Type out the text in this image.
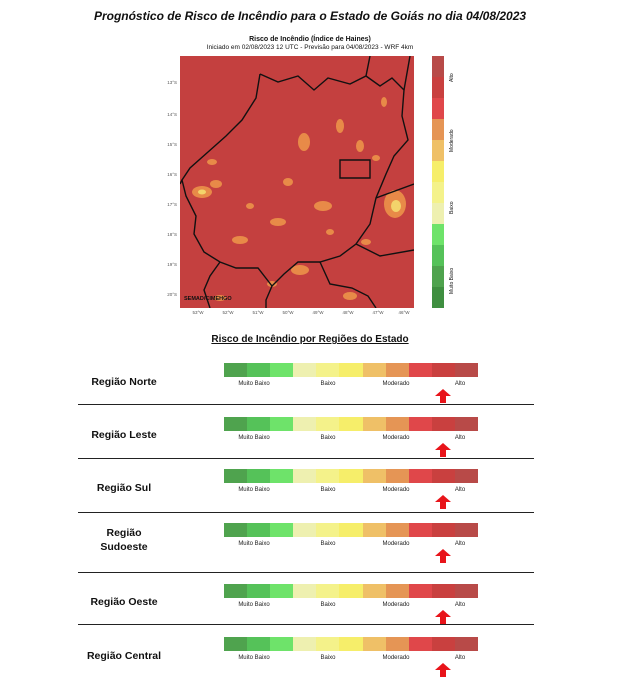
Prognóstico de Risco de Incêndio para o Estado de Goiás no dia 04/08/2023
Risco de Incêndio (Índice de Haines)
Iniciado em 02/08/2023 12 UTC - Previsão para 04/08/2023 - WRF 4km
13°S
14°S
15°S
16°S
17°S
18°S
19°S
20°S
53°W	52°W	51°W	50°W	49°W	48°W	47°W	46°W
SEMAD/CIMEHGO
Alto
Moderado
Baixo
Muito Baixo
Risco de Incêndio por Regiões do Estado
Região Norte	Muito Baixo	Baixo	Moderado	Alto
Região Leste	Muito Baixo	Baixo	Moderado	Alto
Região Sul	Muito Baixo	Baixo	Moderado	Alto
Região
Sudoeste	Muito Baixo	Baixo	Moderado	Alto
Região Oeste	Muito Baixo	Baixo	Moderado	Alto
Região Central	Muito Baixo	Baixo	Moderado	Alto
